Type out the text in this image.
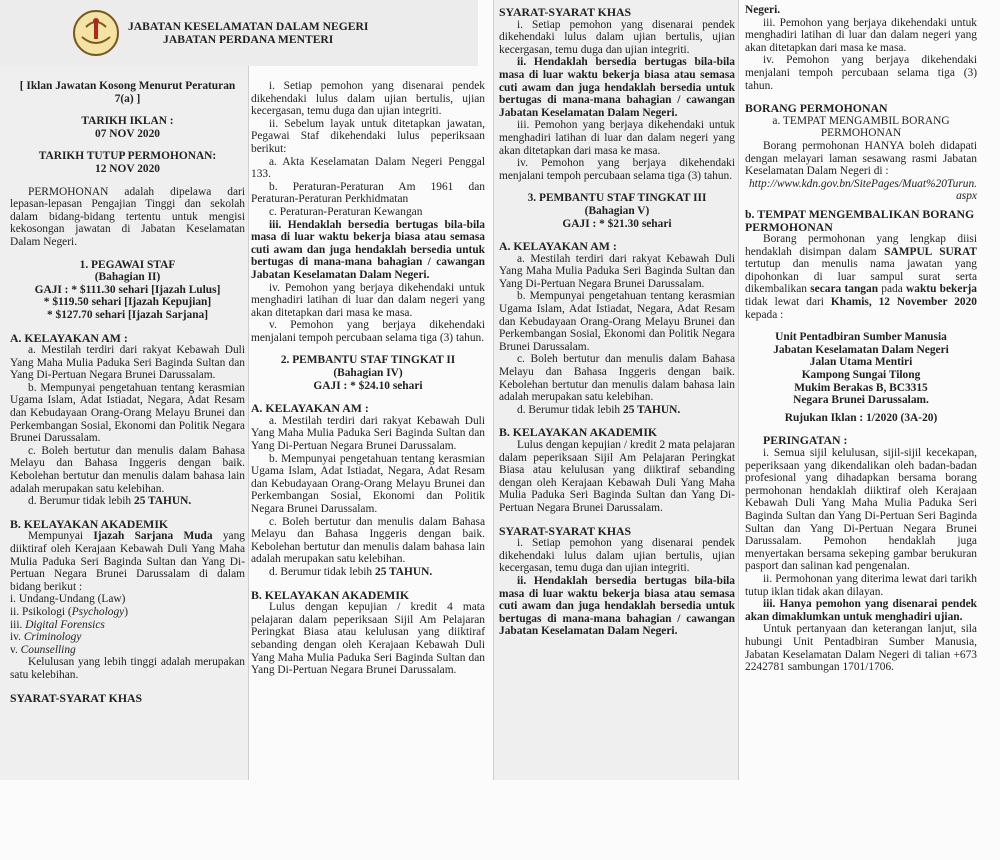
JABATAN KESELAMATAN DALAM NEGERI
JABATAN PERDANA MENTERI
[ Iklan Jawatan Kosong Menurut Peraturan 7(a) ]
TARIKH IKLAN :
07 NOV 2020
TARIKH TUTUP PERMOHONAN:
12 NOV 2020

PERMOHONAN adalah dipelawa dari lepasan-lepasan Pengajian Tinggi dan sekolah dalam bidang-bidang tertentu untuk mengisi kekosongan jawatan di Jabatan Keselamatan Dalam Negeri.

1. PEGAWAI STAF
(Bahagian II)
GAJI : * $111.30 sehari [Ijazah Lulus]
* $119.50 sehari [Ijazah Kepujian]
* $127.70 sehari [Ijazah Sarjana]
A. KELAYAKAN AM :

a. Mestilah terdiri dari rakyat Kebawah Duli Yang Maha Mulia Paduka Seri Baginda Sultan dan Yang Di-Pertuan Negara Brunei Darussalam.

b. Mempunyai pengetahuan tentang kerasmian Ugama Islam, Adat Istiadat, Negara, Adat Resam dan Kebudayaan Orang-Orang Melayu Brunei dan Perkembangan Sosial, Ekonomi dan Politik Negara Brunei Darussalam.

c. Boleh bertutur dan menulis dalam Bahasa Melayu dan Bahasa Inggeris dengan baik. Kebolehan bertutur dan menulis dalam bahasa lain adalah merupakan satu kelebihan.

d. Berumur tidak lebih 25 TAHUN.

B. KELAYAKAN AKADEMIK

Mempunyai Ijazah Sarjana Muda yang diiktiraf oleh Kerajaan Kebawah Duli Yang Maha Mulia Paduka Seri Baginda Sultan dan Yang Di-Pertuan Negara Brunei Darussalam di dalam bidang berikut :

i. Undang-Undang (Law)
ii. Psikologi (Psychology)
iii. Digital Forensics
iv. Criminology
v. Counselling

Kelulusan yang lebih tinggi adalah merupakan satu kelebihan.

SYARAT-SYARAT KHAS

i. Setiap pemohon yang disenarai pendek dikehendaki lulus dalam ujian bertulis, ujian kecergasan, temu duga dan ujian integriti.

ii. Sebelum layak untuk ditetapkan jawatan, Pegawai Staf dikehendaki lulus peperiksaan berikut:

a. Akta Keselamatan Dalam Negeri Penggal 133.

b. Peraturan-Peraturan Am 1961 dan Peraturan-Peraturan Perkhidmatan

c. Peraturan-Peraturan Kewangan

iii. Hendaklah bersedia bertugas bila-bila masa di luar waktu bekerja biasa atau semasa cuti awam dan juga hendaklah bersedia untuk bertugas di mana-mana bahagian / cawangan Jabatan Keselamatan Dalam Negeri.

iv. Pemohon yang berjaya dikehendaki untuk menghadiri latihan di luar dan dalam negeri yang akan ditetapkan dari masa ke masa.

v. Pemohon yang berjaya dikehendaki menjalani tempoh percubaan selama tiga (3) tahun.

2. PEMBANTU STAF TINGKAT II
(Bahagian IV)
GAJI : * $24.10 sehari
A. KELAYAKAN AM :

a. Mestilah terdiri dari rakyat Kebawah Duli Yang Maha Mulia Paduka Seri Baginda Sultan dan Yang Di-Pertuan Negara Brunei Darussalam.

b. Mempunyai pengetahuan tentang kerasmian Ugama Islam, Adat Istiadat, Negara, Adat Resam dan Kebudayaan Orang-Orang Melayu Brunei dan Perkembangan Sosial, Ekonomi dan Politik Negara Brunei Darussalam.

c. Boleh bertutur dan menulis dalam Bahasa Melayu dan Bahasa Inggeris dengan baik. Kebolehan bertutur dan menulis dalam bahasa lain adalah merupakan satu kelebihan.

d. Berumur tidak lebih 25 TAHUN.

B. KELAYAKAN AKADEMIK

Lulus dengan kepujian / kredit 4 mata pelajaran dalam peperiksaan Sijil Am Pelajaran Peringkat Biasa atau kelulusan yang diiktiraf sebanding dengan oleh Kerajaan Kebawah Duli Yang Maha Mulia Paduka Seri Baginda Sultan dan Yang Di-Pertuan Negara Brunei Darussalam.

SYARAT-SYARAT KHAS

i. Setiap pemohon yang disenarai pendek dikehendaki lulus dalam ujian bertulis, ujian kecergasan, temu duga dan ujian integriti.

ii. Hendaklah bersedia bertugas bila-bila masa di luar waktu bekerja biasa atau semasa cuti awam dan juga hendaklah bersedia untuk bertugas di mana-mana bahagian / cawangan Jabatan Keselamatan Dalam Negeri.

iii. Pemohon yang berjaya dikehendaki untuk menghadiri latihan di luar dan dalam negeri yang akan ditetapkan dari masa ke masa.

iv. Pemohon yang berjaya dikehendaki menjalani tempoh percubaan selama tiga (3) tahun.

3. PEMBANTU STAF TINGKAT III
(Bahagian V)
GAJI : * $21.30 sehari
A. KELAYAKAN AM :

a. Mestilah terdiri dari rakyat Kebawah Duli Yang Maha Mulia Paduka Seri Baginda Sultan dan Yang Di-Pertuan Negara Brunei Darussalam.

b. Mempunyai pengetahuan tentang kerasmian Ugama Islam, Adat Istiadat, Negara, Adat Resam dan Kebudayaan Orang-Orang Melayu Brunei dan Perkembangan Sosial, Ekonomi dan Politik Negara Brunei Darussalam.

c. Boleh bertutur dan menulis dalam Bahasa Melayu dan Bahasa Inggeris dengan baik. Kebolehan bertutur dan menulis dalam bahasa lain adalah merupakan satu kelebihan.

d. Berumur tidak lebih 25 TAHUN.

B. KELAYAKAN AKADEMIK

Lulus dengan kepujian / kredit 2 mata pelajaran dalam peperiksaan Sijil Am Pelajaran Peringkat Biasa atau kelulusan yang diiktiraf sebanding dengan oleh Kerajaan Kebawah Duli Yang Maha Mulia Paduka Seri Baginda Sultan dan Yang Di-Pertuan Negara Brunei Darussalam.

SYARAT-SYARAT KHAS

i. Setiap pemohon yang disenarai pendek dikehendaki lulus dalam ujian bertulis, ujian kecergasan, temu duga dan ujian integriti.

ii. Hendaklah bersedia bertugas bila-bila masa di luar waktu bekerja biasa atau semasa cuti awam dan juga hendaklah bersedia untuk bertugas di mana-mana bahagian / cawangan Jabatan Keselamatan Dalam Negeri.

Negeri.

iii. Pemohon yang berjaya dikehendaki untuk menghadiri latihan di luar dan dalam negeri yang akan ditetapkan dari masa ke masa.

iv. Pemohon yang berjaya dikehendaki menjalani tempoh percubaan selama tiga (3) tahun.

BORANG PERMOHONAN
a. TEMPAT MENGAMBIL BORANG PERMOHONAN

Borang permohonan HANYA boleh didapati dengan melayari laman sesawang rasmi Jabatan Keselamatan Dalam Negeri di :

http://www.kdn.gov.bn/SitePages/Muat%20Turun.aspx
b. TEMPAT MENGEMBALIKAN BORANG PERMOHONAN

Borang permohonan yang lengkap diisi hendaklah disimpan dalam SAMPUL SURAT tertutup dan menulis nama jawatan yang dipohonkan di luar sampul surat serta dikembalikan secara tangan pada waktu bekerja tidak lewat dari Khamis, 12 November 2020 kepada :

Unit Pentadbiran Sumber Manusia
Jabatan Keselamatan Dalam Negeri
Jalan Utama Mentiri
Kampong Sungai Tilong
Mukim Berakas B, BC3315
Negara Brunei Darussalam.
Rujukan Iklan : 1/2020 (3A-20)
PERINGATAN :

i. Semua sijil kelulusan, sijil-sijil kecekapan, peperiksaan yang dikendalikan oleh badan-badan profesional yang dihadapkan bersama borang permohonan hendaklah diiktiraf oleh Kerajaan Kebawah Duli Yang Maha Mulia Paduka Seri Baginda Sultan dan Yang Di-Pertuan Seri Baginda Sultan dan Yang Di-Pertuan Negara Brunei Darussalam. Pemohon hendaklah juga menyertakan bersama sekeping gambar berukuran pasport dan salinan kad pengenalan.

ii. Permohonan yang diterima lewat dari tarikh tutup iklan tidak akan dilayan.

iii. Hanya pemohon yang disenarai pendek akan dimaklumkan untuk menghadiri ujian.

Untuk pertanyaan dan keterangan lanjut, sila hubungi Unit Pentadbiran Sumber Manusia, Jabatan Keselamatan Dalam Negeri di talian +673 2242781 sambungan 1701/1706.
